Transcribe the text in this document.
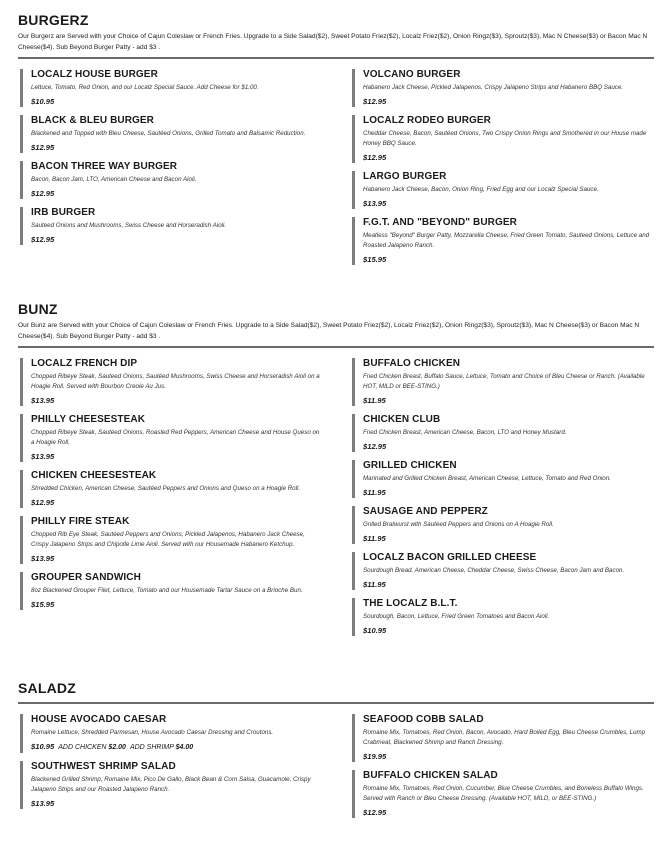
BURGERZ
Our Burgerz are Served with your Choice of Cajun Coleslaw or French Fries. Upgrade to a Side Salad($2), Sweet Potato Friez($2), Localz Friez($2), Onion Ringz($3), Sproutz($3), Mac N Cheese($3) or Bacon Mac N Cheese($4). Sub Beyond Burger Patty - add $3 .
LOCALZ HOUSE BURGER
Lettuce, Tomato, Red Onion, and our Localz Special Sauce. Add Cheese for $1.00.
$10.95
BLACK & BLEU BURGER
Blackened and Topped with Bleu Cheese, Sautéed Onions, Grilled Tomato and Balsamic Reduction.
$12.95
BACON THREE WAY BURGER
Bacon, Bacon Jam, LTO, American Cheese and Bacon Aioli.
$12.95
IRB BURGER
Sauteed Onions and Mushrooms, Swiss Cheese and Horseradish Aioli.
$12.95
VOLCANO BURGER
Habanero Jack Cheese, Pickled Jalapenos, Crispy Jalapeno Strips and Habanero BBQ Sauce.
$12.95
LOCALZ RODEO BURGER
Cheddar Cheese, Bacon, Sautéed Onions, Two Crispy Onion Rings and Smothered in our House made Honey BBQ Sauce.
$12.95
LARGO BURGER
Habanero Jack Cheese, Bacon, Onion Ring, Fried Egg and our Localz Special Sauce.
$13.95
F.G.T. AND "BEYOND" BURGER
Meatless "Beyond" Burger Patty, Mozzarella Cheese, Fried Green Tomato, Sauteed Onions, Lettuce and Roasted Jalapeno Ranch.
$15.95
BUNZ
Our Bunz are Served with your Choice of Cajun Coleslaw or French Fries. Upgrade to a Side Salad($2), Sweet Potato Friez($2), Localz Friez($2), Onion Ringz($3), Sproutz($3), Mac N Cheese($3) or Bacon Mac N Cheese($4). Sub Beyond Burger Patty - add $3 .
LOCALZ FRENCH DIP
Chopped Ribeye Steak, Sauteed Onions, Sautéed Mushrooms, Swiss Cheese and Horseradish Aioli on a Hoagie Roll. Served with Bourbon Creole Au Jus.
$13.95
PHILLY CHEESESTEAK
Chopped Ribeye Steak, Sautéed Onions, Roasted Red Peppers, American Cheese and House Queso on a Hoagie Roll.
$13.95
CHICKEN CHEESESTEAK
Shredded Chicken, American Cheese, Sautéed Peppers and Onions and Queso on a Hoagie Roll.
$12.95
PHILLY FIRE STEAK
Chopped Rib Eye Steak, Sautéed Peppers and Onions, Pickled Jalapenos, Habanero Jack Cheese, Crispy Jalapeno Strips and Chipotle Lime Aioli. Served with our Housemade Habanero Ketchup.
$13.95
GROUPER SANDWICH
8oz Blackened Grouper Filet, Lettuce, Tomato and our Housemade Tartar Sauce on a Brioche Bun.
$15.95
BUFFALO CHICKEN
Fried Chicken Breast, Buffalo Sauce, Lettuce, Tomato and Choice of Bleu Cheese or Ranch. (Available HOT, MILD or BEE-STING.)
$11.95
CHICKEN CLUB
Fried Chicken Breast, American Cheese, Bacon, LTO and Honey Mustard.
$12.95
GRILLED CHICKEN
Marinated and Grilled Chicken Breast, American Cheese, Lettuce, Tomato and Red Onion.
$11.95
SAUSAGE AND PEPPERZ
Grilled Bratwurst with Sauteed Peppers and Onions on A Hoagie Roll.
$11.95
LOCALZ BACON GRILLED CHEESE
Sourdough Bread, American Cheese, Cheddar Cheese, Swiss Cheese, Bacon Jam and Bacon.
$11.95
THE LOCALZ B.L.T.
Sourdough, Bacon, Lettuce, Fried Green Tomatoes and Bacon Aioli.
$10.95
SALADZ
HOUSE AVOCADO CAESAR
Romaine Lettuce, Shredded Parmesan, House Avocado Caesar Dressing and Croutons.
$10.95 ADD CHICKEN $2.00 ADD SHRIMP $4.00
SOUTHWEST SHRIMP SALAD
Blackened Grilled Shrimp, Romaine Mix, Pico De Gallo, Black Bean & Corn Salsa, Guacamole, Crispy Jalapeno Strips and our Roasted Jalapeno Ranch.
$13.95
SEAFOOD COBB SALAD
Romaine Mix, Tomatoes, Red Onion, Bacon, Avocado, Hard Boiled Egg, Bleu Cheese Crumbles, Lump Crabmeat, Blackened Shrimp and Ranch Dressing.
$19.95
BUFFALO CHICKEN SALAD
Romaine Mix, Tomatoes, Red Onion, Cucumber, Blue Cheese Crumbles, and Boneless Buffalo Wings. Served with Ranch or Bleu Cheese Dressing. (Available HOT, MILD, or BEE-STING.)
$12.95
